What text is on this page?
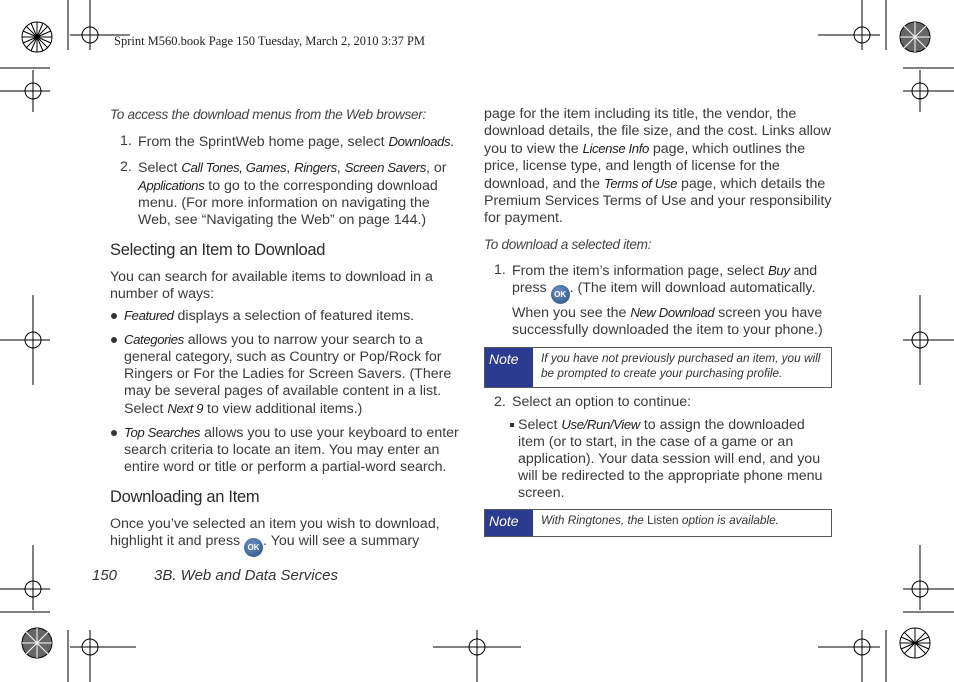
Sprint M560.book Page 150 Tuesday, March 2, 2010 3:37 PM

To access the download menus from the Web browser:

1. From the SprintWeb home page, select Downloads.
2. Select Call Tones, Games, Ringers, Screen Savers, or Applications to go to the corresponding download menu. (For more information on navigating the Web, see “Navigating the Web” on page 144.)
Selecting an Item to Download

You can search for available items to download in a number of ways:

Featured displays a selection of featured items.
Categories allows you to narrow your search to a general category, such as Country or Pop/Rock for Ringers or For the Ladies for Screen Savers. (There may be several pages of available content in a list. Select Next 9 to view additional items.)
Top Searches allows you to use your keyboard to enter search criteria to locate an item. You may enter an entire word or title or perform a partial-word search.
Downloading an Item

Once you’ve selected an item you wish to download, highlight it and press OK . You will see a summary

page for the item including its title, the vendor, the download details, the file size, and the cost. Links allow you to view the License Info page, which outlines the price, license type, and length of license for the download, and the Terms of Use page, which details the Premium Services Terms of Use and your responsibility for payment.

To download a selected item:

1. From the item’s information page, select Buy and press OK . (The item will download automatically. When you see the New Download screen you have successfully downloaded the item to your phone.)
Note	If you have not previously purchased an item, you will be prompted to create your purchasing profile.
2. Select an option to continue:
Select Use/Run/View to assign the downloaded item (or to start, in the case of a game or an application). Your data session will end, and you will be redirected to the appropriate phone menu screen.
Note	With Ringtones, the Listen option is available.
150 3B. Web and Data Services
